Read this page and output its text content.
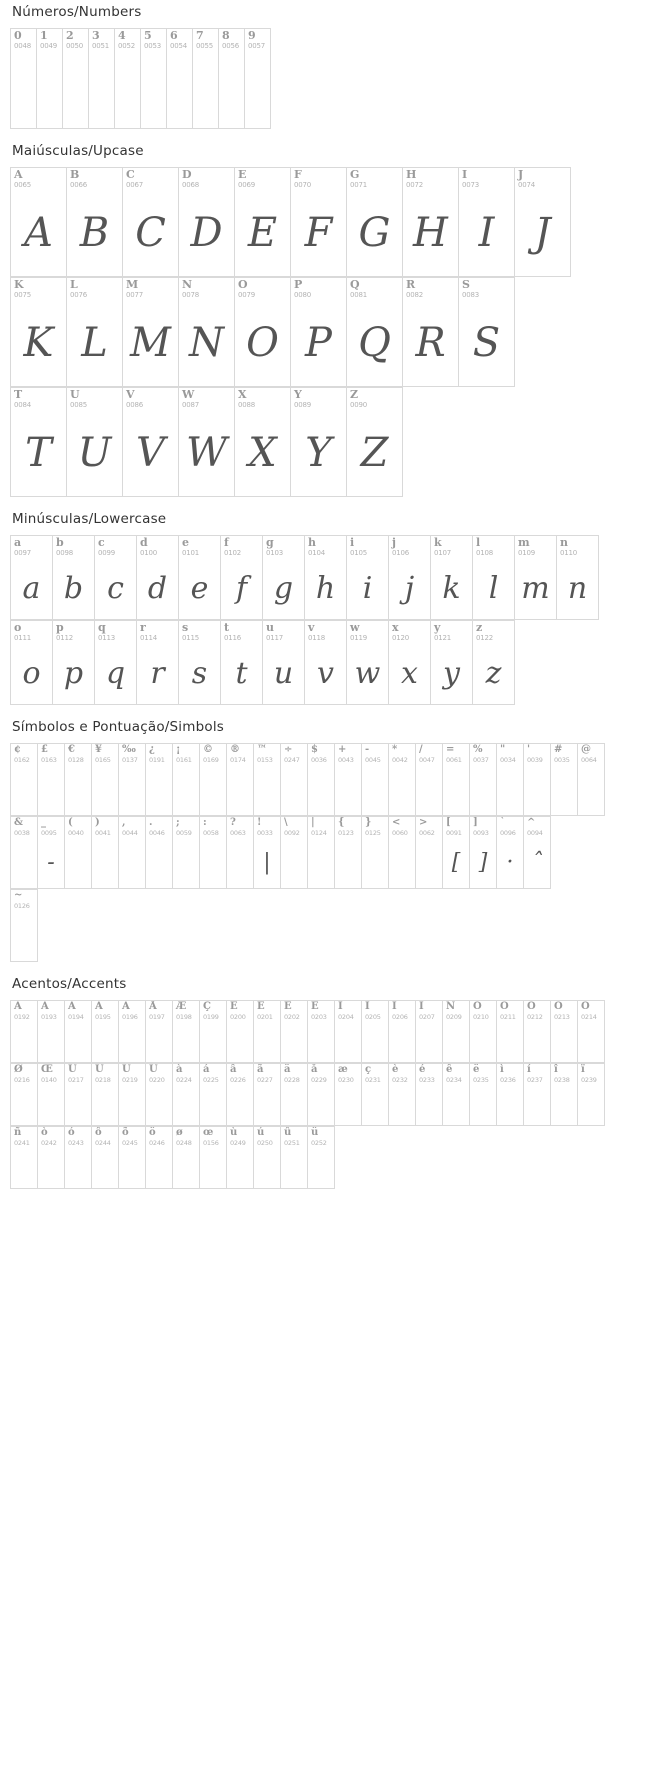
Números/Numbers
0
0048
1
0049
2
0050
3
0051
4
0052
5
0053
6
0054
7
0055
8
0056
9
0057
Maiúsculas/Upcase
A
0065
A
B
0066
B
C
0067
C
D
0068
D
E
0069
E
F
0070
F
G
0071
G
H
0072
H
I
0073
I
J
0074
J
K
0075
K
L
0076
L
M
0077
M
N
0078
N
O
0079
O
P
0080
P
Q
0081
Q
R
0082
R
S
0083
S
T
0084
T
U
0085
U
V
0086
V
W
0087
W
X
0088
X
Y
0089
Y
Z
0090
Z
Minúsculas/Lowercase
a
0097
a
b
0098
b
c
0099
c
d
0100
d
e
0101
e
f
0102
f
g
0103
g
h
0104
h
i
0105
i
j
0106
j
k
0107
k
l
0108
l
m
0109
m
n
0110
n
o
0111
o
p
0112
p
q
0113
q
r
0114
r
s
0115
s
t
0116
t
u
0117
u
v
0118
v
w
0119
w
x
0120
x
y
0121
y
z
0122
z
Símbolos e Pontuação/Simbols
¢
0162
£
0163
€
0128
¥
0165
‰
0137
¿
0191
¡
0161
©
0169
®
0174
™
0153
÷
0247
$
0036
+
0043
-
0045
*
0042
/
0047
=
0061
%
0037
"
0034
'
0039
#
0035
@
0064
&
0038
_
0095
-
(
0040
)
0041
,
0044
.
0046
;
0059
:
0058
?
0063
!
0033
|
\
0092
|
0124
{
0123
}
0125
<
0060
>
0062
[
0091
[
]
0093
]
`
0096
·
^
0094
ˆ
~
0126
Acentos/Accents
À
0192
Á
0193
Â
0194
Ã
0195
Ä
0196
Å
0197
Æ
0198
Ç
0199
È
0200
É
0201
Ê
0202
Ë
0203
Ì
0204
Í
0205
Î
0206
Ï
0207
Ñ
0209
Ò
0210
Ó
0211
Ô
0212
Õ
0213
Ö
0214
Ø
0216
Œ
0140
Ù
0217
Ú
0218
Û
0219
Ü
0220
à
0224
á
0225
â
0226
ã
0227
ä
0228
å
0229
æ
0230
ç
0231
è
0232
é
0233
ê
0234
ë
0235
ì
0236
í
0237
î
0238
ï
0239
ñ
0241
ò
0242
ó
0243
ô
0244
õ
0245
ö
0246
ø
0248
œ
0156
ù
0249
ú
0250
û
0251
ü
0252
